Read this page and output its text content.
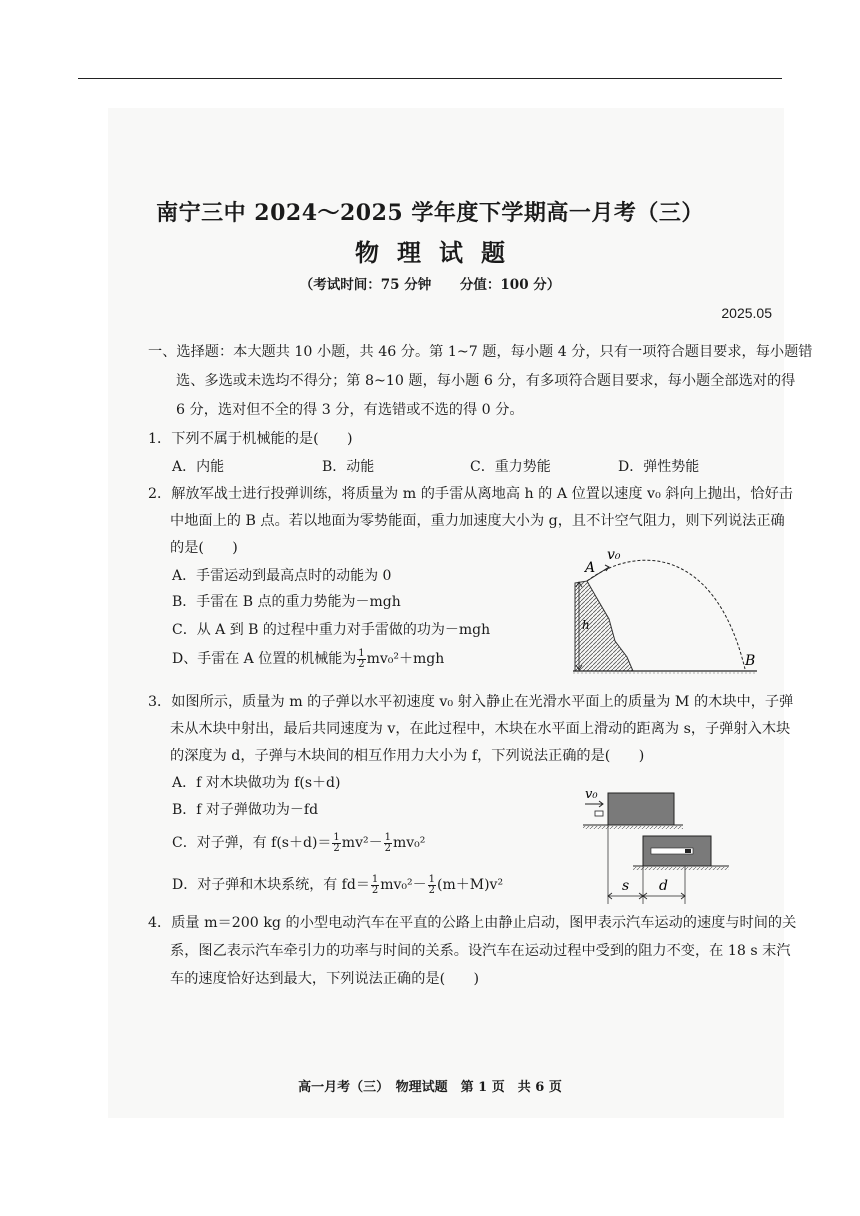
南宁三中 2024～2025 学年度下学期高一月考（三）
物理试题
（考试时间：75 分钟 分值：100 分）
2025.05
一、选择题：本大题共 10 小题，共 46 分。第 1~7 题，每小题 4 分，只有一项符合题目要求，每小题错
选、多选或未选均不得分；第 8~10 题，每小题 6 分，有多项符合题目要求，每小题全部选对的得
6 分，选对但不全的得 3 分，有选错或不选的得 0 分。
1．下列不属于机械能的是(　　)
A．内能	B．动能	C．重力势能	D．弹性势能
2．解放军战士进行投弹训练，将质量为 m 的手雷从离地高 h 的 A 位置以速度 v₀ 斜向上抛出，恰好击
中地面上的 B 点。若以地面为零势能面，重力加速度大小为 g，且不计空气阻力，则下列说法正确
的是(　　)
A．手雷运动到最高点时的动能为 0
B．手雷在 B 点的重力势能为－mgh
C．从 A 到 B 的过程中重力对手雷做的功为－mgh
D、手雷在 A 位置的机械能为 $\frac{1}{2} mv_0^2+mgh$
A
v₀
h
B
3．如图所示，质量为 m 的子弹以水平初速度 v₀ 射入静止在光滑水平面上的质量为 M 的木块中，子弹
未从木块中射出，最后共同速度为 v，在此过程中，木块在水平面上滑动的距离为 s，子弹射入木块
的深度为 d，子弹与木块间的相互作用力大小为 f，下列说法正确的是(　　)
A．f 对木块做功为 f(s＋d)
B．f 对子弹做功为－fd
C．对子弹，有 $f(s+d)= \frac{1}{2} mv^2- \frac{1}{2} mv_0^2$
D．对子弹和木块系统，有 $fd= \frac{1}{2} mv_0^2- \frac{1}{2} (m+M)v^2$
v₀
s d
4．质量 m＝200 kg 的小型电动汽车在平直的公路上由静止启动，图甲表示汽车运动的速度与时间的关
系，图乙表示汽车牵引力的功率与时间的关系。设汽车在运动过程中受到的阻力不变，在 18 s 末汽
车的速度恰好达到最大，下列说法正确的是(　　)
高一月考（三）　物理试题　第 1 页　共 6 页
